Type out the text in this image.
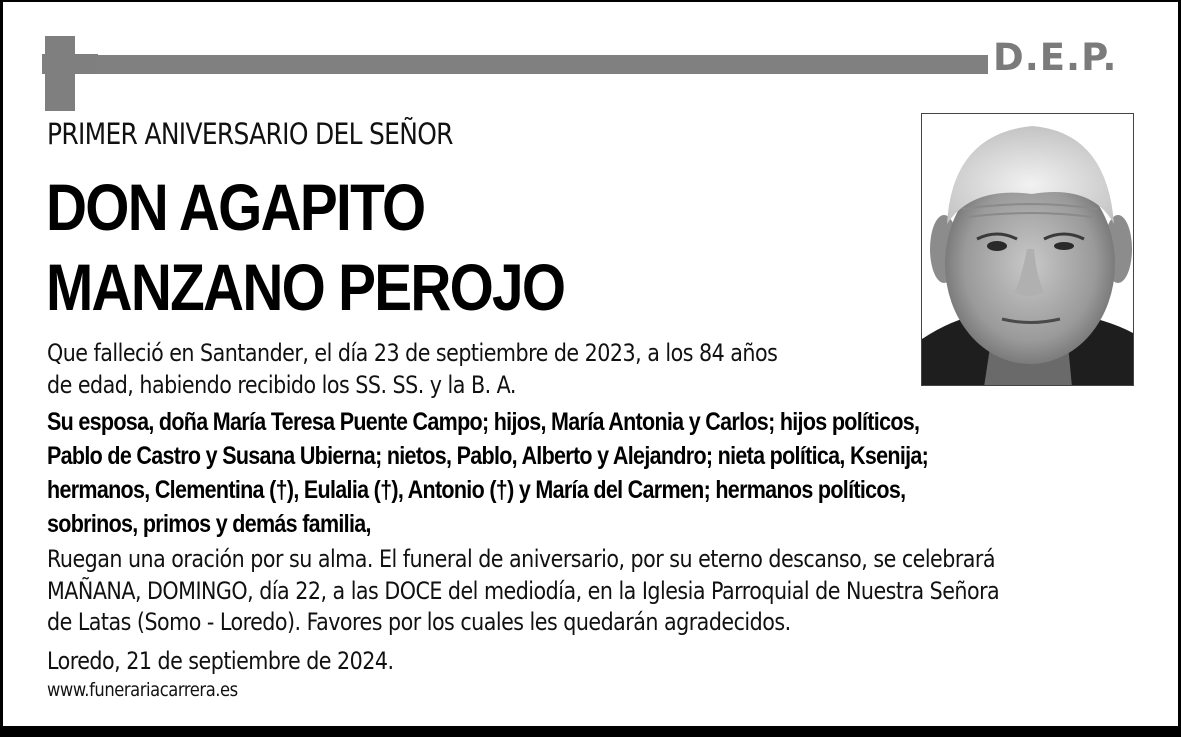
D.E.P.
PRIMER ANIVERSARIO DEL SEÑOR
DON AGAPITO
MANZANO PEROJO
Que falleció en Santander, el día 23 de septiembre de 2023, a los 84 años
de edad, habiendo recibido los SS. SS. y la B. A.
Su esposa, doña María Teresa Puente Campo; hijos, María Antonia y Carlos; hijos políticos,
Pablo de Castro y Susana Ubierna; nietos, Pablo, Alberto y Alejandro; nieta política, Ksenija;
hermanos, Clementina (†), Eulalia (†), Antonio (†) y María del Carmen; hermanos políticos,
sobrinos, primos y demás familia,
Ruegan una oración por su alma. El funeral de aniversario, por su eterno descanso, se celebrará
MAÑANA, DOMINGO, día 22, a las DOCE del mediodía, en la Iglesia Parroquial de Nuestra Señora
de Latas (Somo - Loredo). Favores por los cuales les quedarán agradecidos.
Loredo, 21 de septiembre de 2024.
www.funerariacarrera.es
